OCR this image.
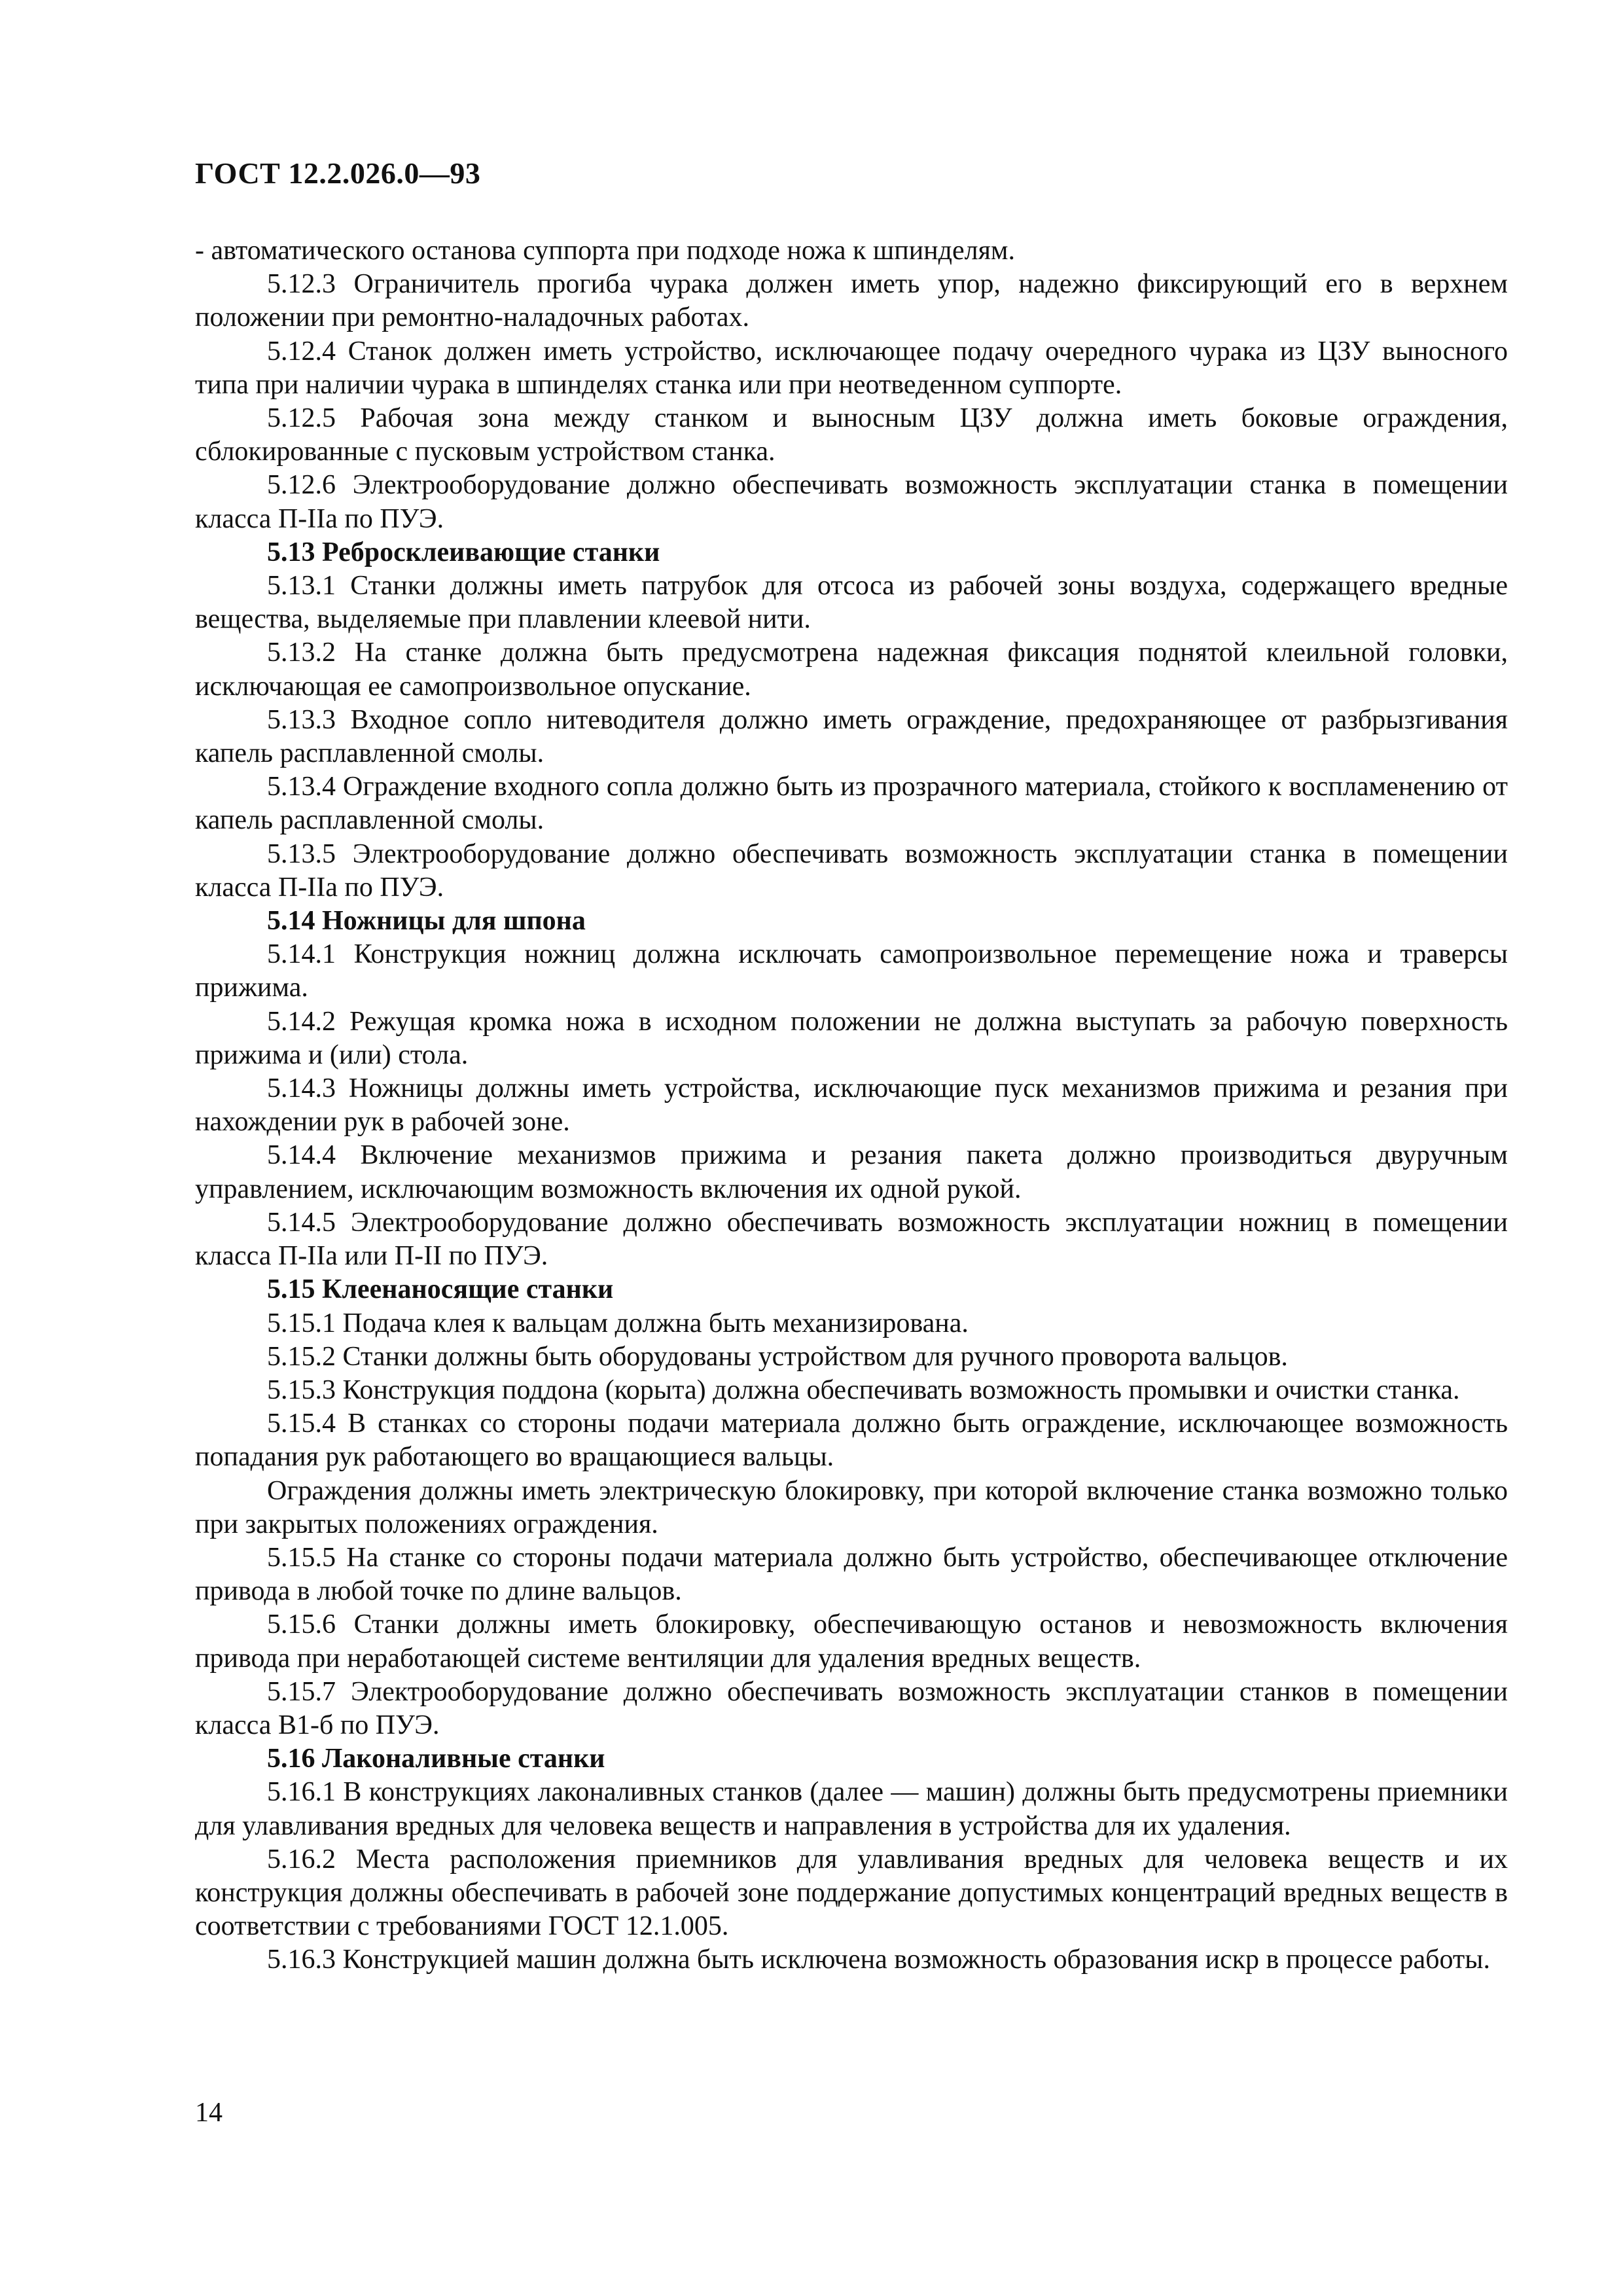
ГОСТ 12.2.026.0—93

- автоматического останова суппорта при подходе ножа к шпинделям.

5.12.3 Ограничитель прогиба чурака должен иметь упор, надежно фиксирующий его в верхнем положении при ремонтно-наладочных работах.

5.12.4 Станок должен иметь устройство, исключающее подачу очередного чурака из ЦЗУ выносного типа при наличии чурака в шпинделях станка или при неотведенном суппорте.

5.12.5 Рабочая зона между станком и выносным ЦЗУ должна иметь боковые ограждения, сблокированные с пусковым устройством станка.

5.12.6 Электрооборудование должно обеспечивать возможность эксплуатации станка в помещении класса П-IIа по ПУЭ.

5.13 Ребросклеивающие станки

5.13.1 Станки должны иметь патрубок для отсоса из рабочей зоны воздуха, содержащего вредные вещества, выделяемые при плавлении клеевой нити.

5.13.2 На станке должна быть предусмотрена надежная фиксация поднятой клеильной головки, исключающая ее самопроизвольное опускание.

5.13.3 Входное сопло нитеводителя должно иметь ограждение, предохраняющее от разбрызгивания капель расплавленной смолы.

5.13.4 Ограждение входного сопла должно быть из прозрачного материала, стойкого к воспламенению от капель расплавленной смолы.

5.13.5 Электрооборудование должно обеспечивать возможность эксплуатации станка в помещении класса П-IIа по ПУЭ.

5.14 Ножницы для шпона

5.14.1 Конструкция ножниц должна исключать самопроизвольное перемещение ножа и траверсы прижима.

5.14.2 Режущая кромка ножа в исходном положении не должна выступать за рабочую поверхность прижима и (или) стола.

5.14.3 Ножницы должны иметь устройства, исключающие пуск механизмов прижима и резания при нахождении рук в рабочей зоне.

5.14.4 Включение механизмов прижима и резания пакета должно производиться двуручным управлением, исключающим возможность включения их одной рукой.

5.14.5 Электрооборудование должно обеспечивать возможность эксплуатации ножниц в помещении класса П-IIа или П-II по ПУЭ.

5.15 Клеенаносящие станки

5.15.1 Подача клея к вальцам должна быть механизирована.

5.15.2 Станки должны быть оборудованы устройством для ручного проворота вальцов.

5.15.3 Конструкция поддона (корыта) должна обеспечивать возможность промывки и очистки станка.

5.15.4 В станках со стороны подачи материала должно быть ограждение, исключающее возможность попадания рук работающего во вращающиеся вальцы.

Ограждения должны иметь электрическую блокировку, при которой включение станка возможно только при закрытых положениях ограждения.

5.15.5 На станке со стороны подачи материала должно быть устройство, обеспечивающее отключение привода в любой точке по длине вальцов.

5.15.6 Станки должны иметь блокировку, обеспечивающую останов и невозможность включения привода при неработающей системе вентиляции для удаления вредных веществ.

5.15.7 Электрооборудование должно обеспечивать возможность эксплуатации станков в помещении класса В1-б по ПУЭ.

5.16 Лаконаливные станки

5.16.1 В конструкциях лаконаливных станков (далее — машин) должны быть предусмотрены приемники для улавливания вредных для человека веществ и направления в устройства для их удаления.

5.16.2 Места расположения приемников для улавливания вредных для человека веществ и их конструкция должны обеспечивать в рабочей зоне поддержание допустимых концентраций вредных веществ в соответствии с требованиями ГОСТ 12.1.005.

5.16.3 Конструкцией машин должна быть исключена возможность образования искр в процессе работы.

14
